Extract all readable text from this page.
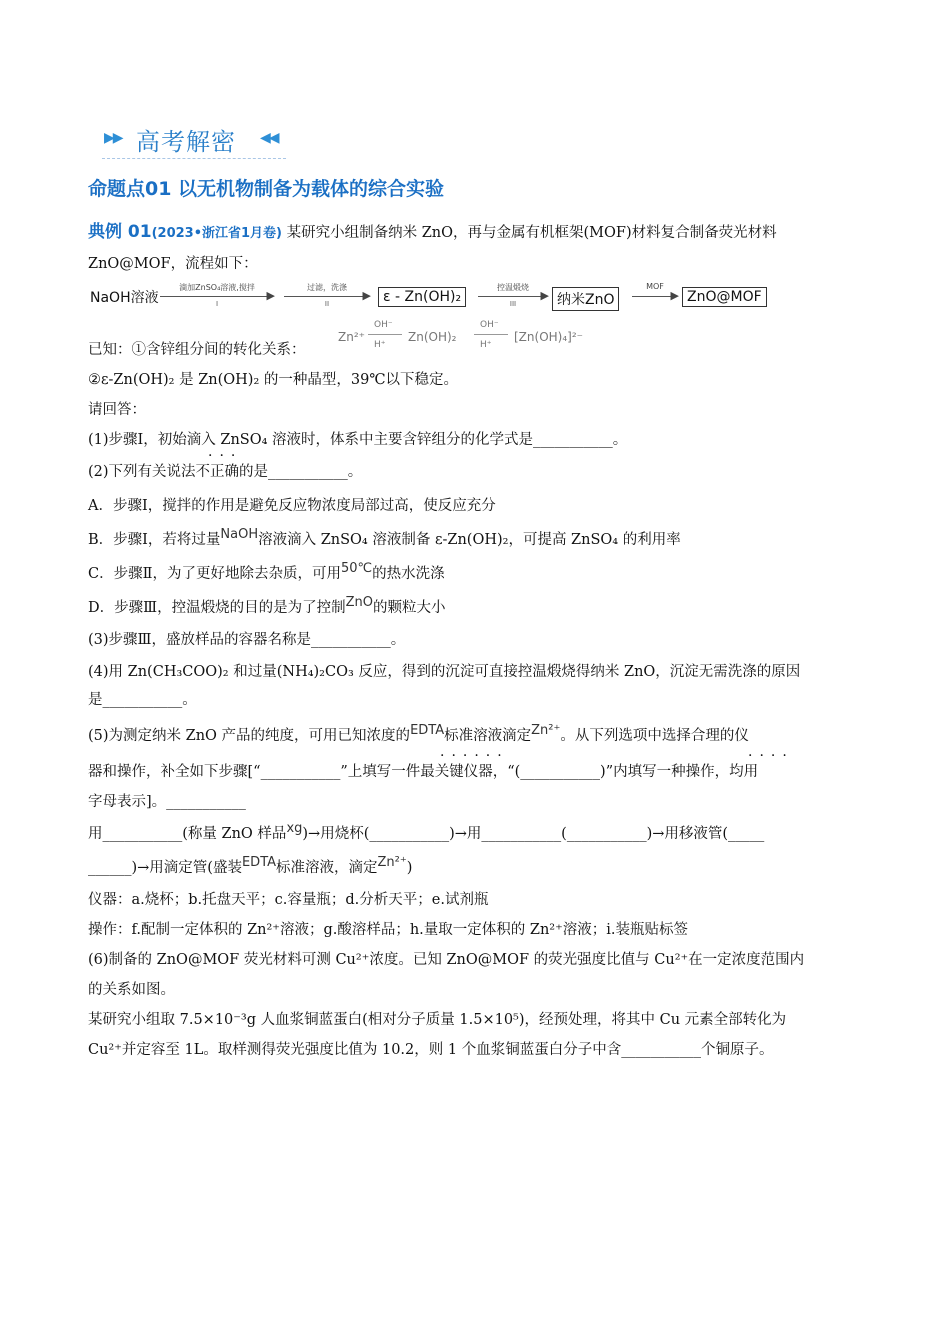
▶▶ 高考解密 ◀◀
命题点01 以无机物制备为载体的综合实验
典例 01(2023•浙江省1月卷) 某研究小组制备纳米 ZnO，再与金属有机框架(MOF)材料复合制备荧光材料
ZnO@MOF，流程如下：
NaOH溶液
滴加ZnSO₄溶液,搅拌
▶
I
过滤，洗涤
▶
II	ε - Zn(OH)₂
控温煅烧
▶
III	纳米ZnO
MOF
▶ ZnO@MOF
已知：①含锌组分间的转化关系：
Zn²⁺
OH⁻
H⁺
Zn(OH)₂
OH⁻
H⁺
[Zn(OH)₄]²⁻
②ε-Zn(OH)₂ 是 Zn(OH)₂ 的一种晶型，39℃以下稳定。
请回答：
(1)步骤Ⅰ，初始滴入 ZnSO₄ 溶液时，体系中主要含锌组分的化学式是___________。
···
(2)下列有关说法不正确的是___________。
A．步骤Ⅰ，搅拌的作用是避免反应物浓度局部过高，使反应充分
B．步骤Ⅰ，若将过量NaOH溶液滴入 ZnSO₄ 溶液制备 ε-Zn(OH)₂，可提高 ZnSO₄ 的利用率
C．步骤Ⅱ，为了更好地除去杂质，可用50℃的热水洗涤
D．步骤Ⅲ，控温煅烧的目的是为了控制ZnO的颗粒大小
(3)步骤Ⅲ，盛放样品的容器名称是___________。
(4)用 Zn(CH₃COO)₂ 和过量(NH₄)₂CO₃ 反应，得到的沉淀可直接控温煅烧得纳米 ZnO，沉淀无需洗涤的原因
是___________。
(5)为测定纳米 ZnO 产品的纯度，可用已知浓度的EDTA标准溶液滴定Zn²⁺。从下列选项中选择合理的仪
······	····
器和操作，补全如下步骤[“___________”上填写一件最关键仪器，“(___________)”内填写一种操作，均用
字母表示]。___________
用___________(称量 ZnO 样品xg)→用烧杯(___________)→用___________(___________)→用移液管(_____
______)→用滴定管(盛装EDTA标准溶液，滴定Zn²⁺)
仪器：a.烧杯；b.托盘天平；c.容量瓶；d.分析天平；e.试剂瓶
操作：f.配制一定体积的 Zn²⁺溶液；g.酸溶样品；h.量取一定体积的 Zn²⁺溶液；i.装瓶贴标签
(6)制备的 ZnO@MOF 荧光材料可测 Cu²⁺浓度。已知 ZnO@MOF 的荧光强度比值与 Cu²⁺在一定浓度范围内
的关系如图。
某研究小组取 7.5×10⁻³g 人血浆铜蓝蛋白(相对分子质量 1.5×10⁵)，经预处理，将其中 Cu 元素全部转化为
Cu²⁺并定容至 1L。取样测得荧光强度比值为 10.2，则 1 个血浆铜蓝蛋白分子中含___________个铜原子。
